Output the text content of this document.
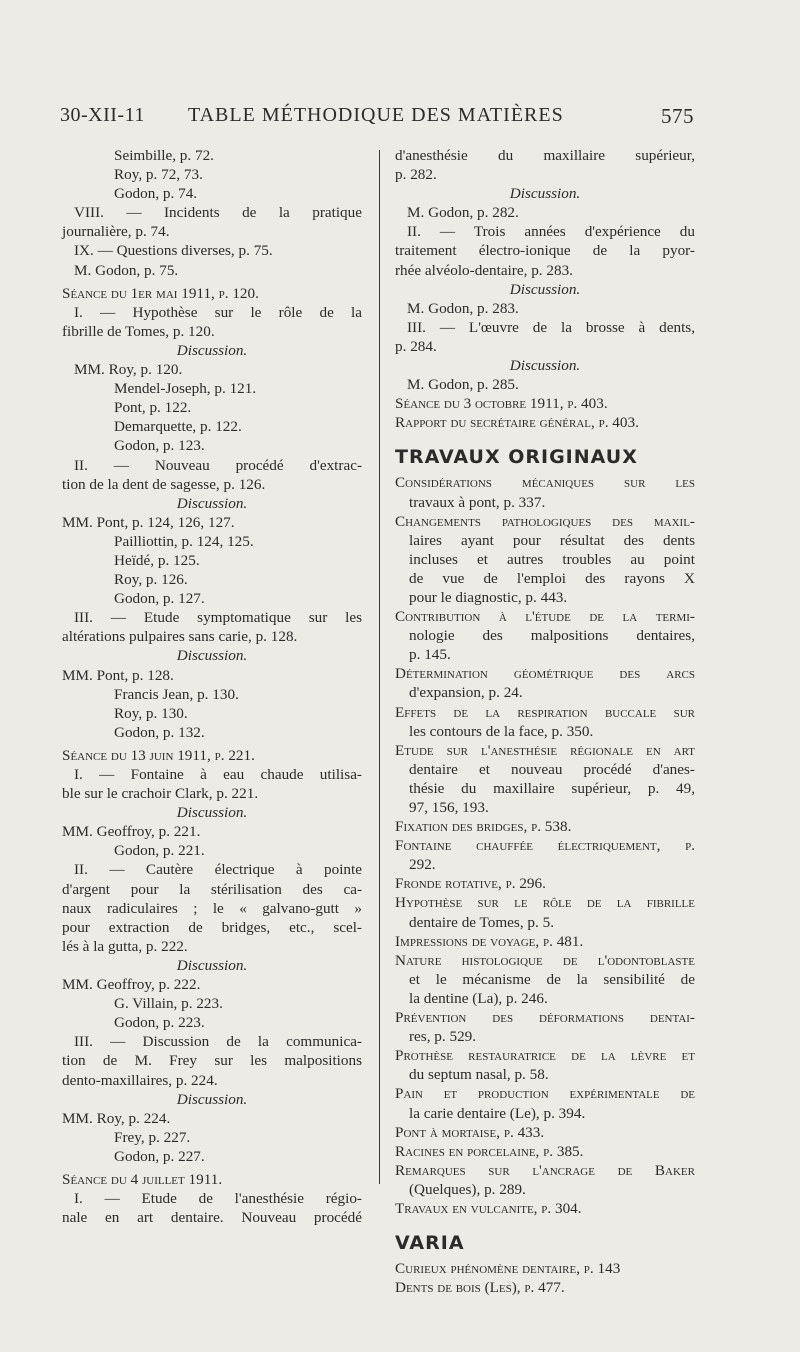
30-XII-11 TABLE MÉTHODIQUE DES MATIÈRES	575
Seimbille, p. 72.
Roy, p. 72, 73.
Godon, p. 74.
VIII. — Incidents de la pratique
journalière, p. 74.
IX. — Questions diverses, p. 75.
M. Godon, p. 75.
Séance du 1er mai 1911, p. 120.
I. — Hypothèse sur le rôle de la
fibrille de Tomes, p. 120.
Discussion.
MM. Roy, p. 120.
Mendel-Joseph, p. 121.
Pont, p. 122.
Demarquette, p. 122.
Godon, p. 123.
II. — Nouveau procédé d'extrac-
tion de la dent de sagesse, p. 126.
Discussion.
MM. Pont, p. 124, 126, 127.
Pailliottin, p. 124, 125.
Heïdé, p. 125.
Roy, p. 126.
Godon, p. 127.
III. — Etude symptomatique sur les
altérations pulpaires sans carie, p. 128.
Discussion.
MM. Pont, p. 128.
Francis Jean, p. 130.
Roy, p. 130.
Godon, p. 132.
Séance du 13 juin 1911, p. 221.
I. — Fontaine à eau chaude utilisa-
ble sur le crachoir Clark, p. 221.
Discussion.
MM. Geoffroy, p. 221.
Godon, p. 221.
II. — Cautère électrique à pointe
d'argent pour la stérilisation des ca-
naux radiculaires ; le « galvano-gutt »
pour extraction de bridges, etc., scel-
lés à la gutta, p. 222.
Discussion.
MM. Geoffroy, p. 222.
G. Villain, p. 223.
Godon, p. 223.
III. — Discussion de la communica-
tion de M. Frey sur les malpositions
dento-maxillaires, p. 224.
Discussion.
MM. Roy, p. 224.
Frey, p. 227.
Godon, p. 227.
Séance du 4 juillet 1911.
I. — Etude de l'anesthésie régio-
nale en art dentaire. Nouveau procédé
d'anesthésie du maxillaire supérieur,
p. 282.
Discussion.
M. Godon, p. 282.
II. — Trois années d'expérience du
traitement électro-ionique de la pyor-
rhée alvéolo-dentaire, p. 283.
Discussion.
M. Godon, p. 283.
III. — L'œuvre de la brosse à dents,
p. 284.
Discussion.
M. Godon, p. 285.
Séance du 3 octobre 1911, p. 403.
Rapport du secrétaire général, p. 403.
TRAVAUX ORIGINAUX
Considérations mécaniques sur les
travaux à pont, p. 337.
Changements pathologiques des maxil-
laires ayant pour résultat des dents
incluses et autres troubles au point
de vue de l'emploi des rayons X
pour le diagnostic, p. 443.
Contribution à l'étude de la termi-
nologie des malpositions dentaires,
p. 145.
Détermination géométrique des arcs
d'expansion, p. 24.
Effets de la respiration buccale sur
les contours de la face, p. 350.
Etude sur l'anesthésie régionale en art
dentaire et nouveau procédé d'anes-
thésie du maxillaire supérieur, p. 49,
97, 156, 193.
Fixation des bridges, p. 538.
Fontaine chauffée électriquement, p.
292.
Fronde rotative, p. 296.
Hypothèse sur le rôle de la fibrille
dentaire de Tomes, p. 5.
Impressions de voyage, p. 481.
Nature histologique de l'odontoblaste
et le mécanisme de la sensibilité de
la dentine (La), p. 246.
Prévention des déformations dentai-
res, p. 529.
Prothèse restauratrice de la lèvre et
du septum nasal, p. 58.
Pain et production expérimentale de
la carie dentaire (Le), p. 394.
Pont à mortaise, p. 433.
Racines en porcelaine, p. 385.
Remarques sur l'ancrage de Baker
(Quelques), p. 289.
Travaux en vulcanite, p. 304.
VARIA
Curieux phénomène dentaire, p. 143
Dents de bois (Les), p. 477.
